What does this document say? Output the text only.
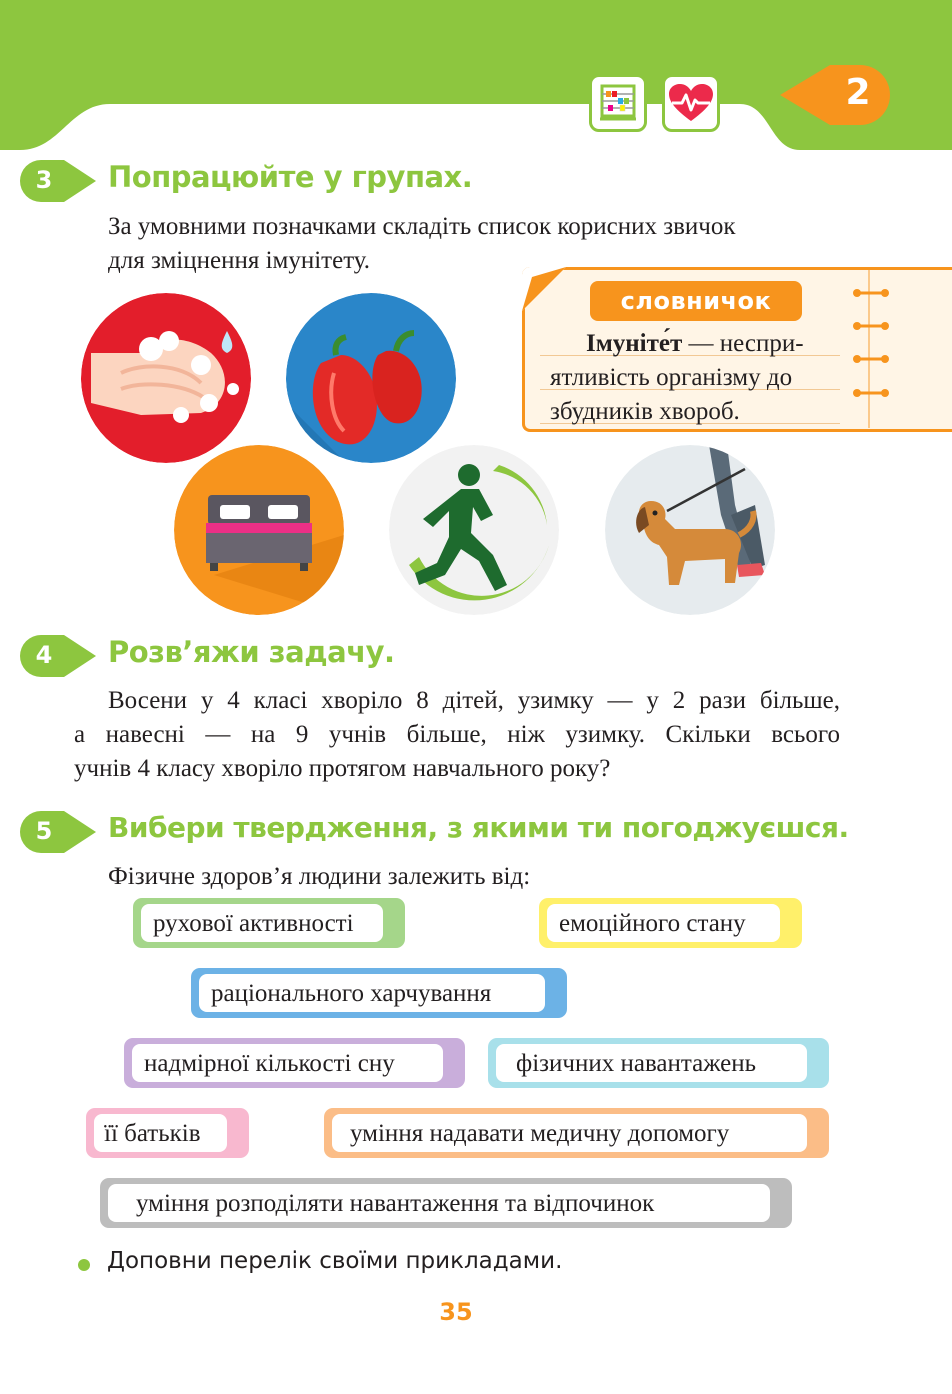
2
3	Попрацюйте у групах.
За умовними позначками складіть список корисних звичок
для зміцнення імунітету.
словничок
Імуніте́т — неспри-
ятливість організму до
збудників хвороб.
4	Розв’яжи задачу.
Восени у 4 класі хворіло 8 дітей, узимку — у 2 рази більше,
а навесні — на 9 учнів більше, ніж узимку. Скільки всього
учнів 4 класу хворіло протягом навчального року?
5	Вибери твердження, з якими ти погоджуєшся.
Фізичне здоров’я людини залежить від:
рухової активності	емоційного стану
раціонального харчування
надмірної кількості сну	фізичних навантажень
її батьків	уміння надавати медичну допомогу
уміння розподіляти навантаження та відпочинок
Доповни перелік своїми прикладами.
35
